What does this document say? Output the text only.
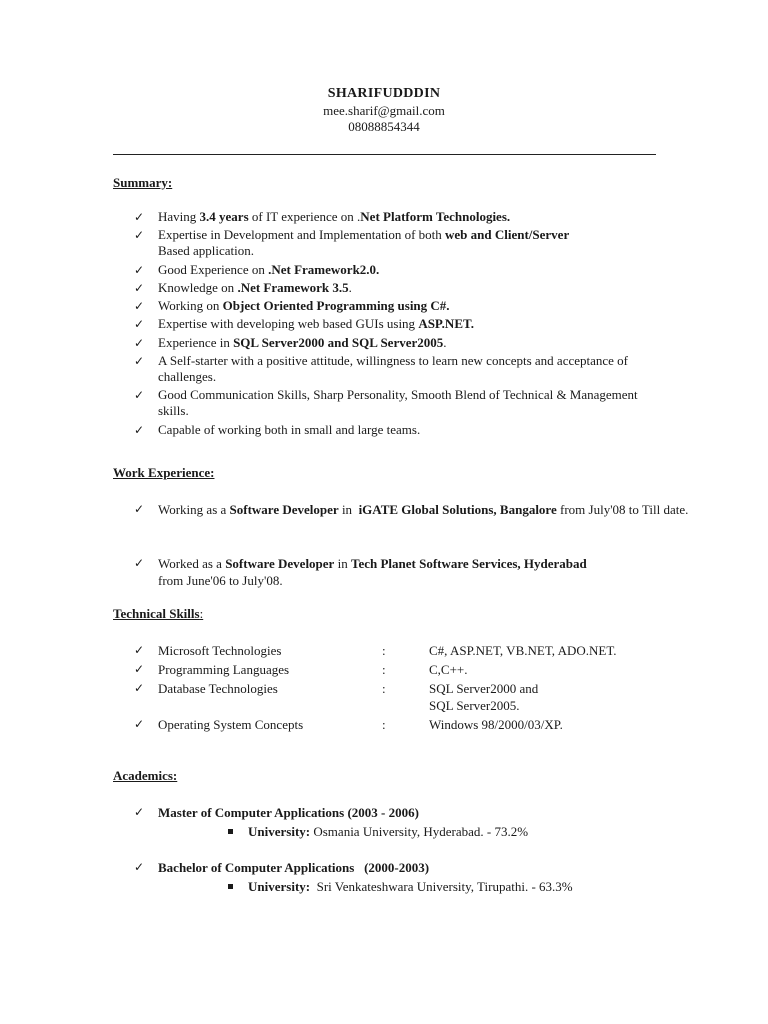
SHARIFUDDDIN
mee.sharif@gmail.com
08088854344
Summary:
✓	Having 3.4 years of IT experience on .Net Platform Technologies.
✓	Expertise in Development and Implementation of both web and Client/Server
Based application.
✓	Good Experience on .Net Framework2.0.
✓	Knowledge on .Net Framework 3.5.
✓	Working on Object Oriented Programming using C#.
✓	Expertise with developing web based GUIs using ASP.NET.
✓	Experience in SQL Server2000 and SQL Server2005.
✓	A Self-starter with a positive attitude, willingness to learn new concepts and acceptance of challenges.
✓	Good Communication Skills, Sharp Personality, Smooth Blend of Technical & Management skills.
✓	Capable of working both in small and large teams.
Work Experience:
✓	Working as a Software Developer in  iGATE Global Solutions, Bangalore from July'08 to Till date.
✓	Worked as a Software Developer in Tech Planet Software Services, Hyderabad from June'06 to July'08.
Technical Skills:
✓	Microsoft Technologies	:	C#, ASP.NET, VB.NET, ADO.NET.
✓	Programming Languages	:	C,C++.
✓	Database Technologies	:	SQL Server2000 and
SQL Server2005.
✓	Operating System Concepts	:	Windows 98/2000/03/XP.
Academics:
✓	Master of Computer Applications (2003 - 2006)
University: Osmania University, Hyderabad. - 73.2%
✓	Bachelor of Computer Applications   (2000-2003)
University:  Sri Venkateshwara University, Tirupathi. - 63.3%
